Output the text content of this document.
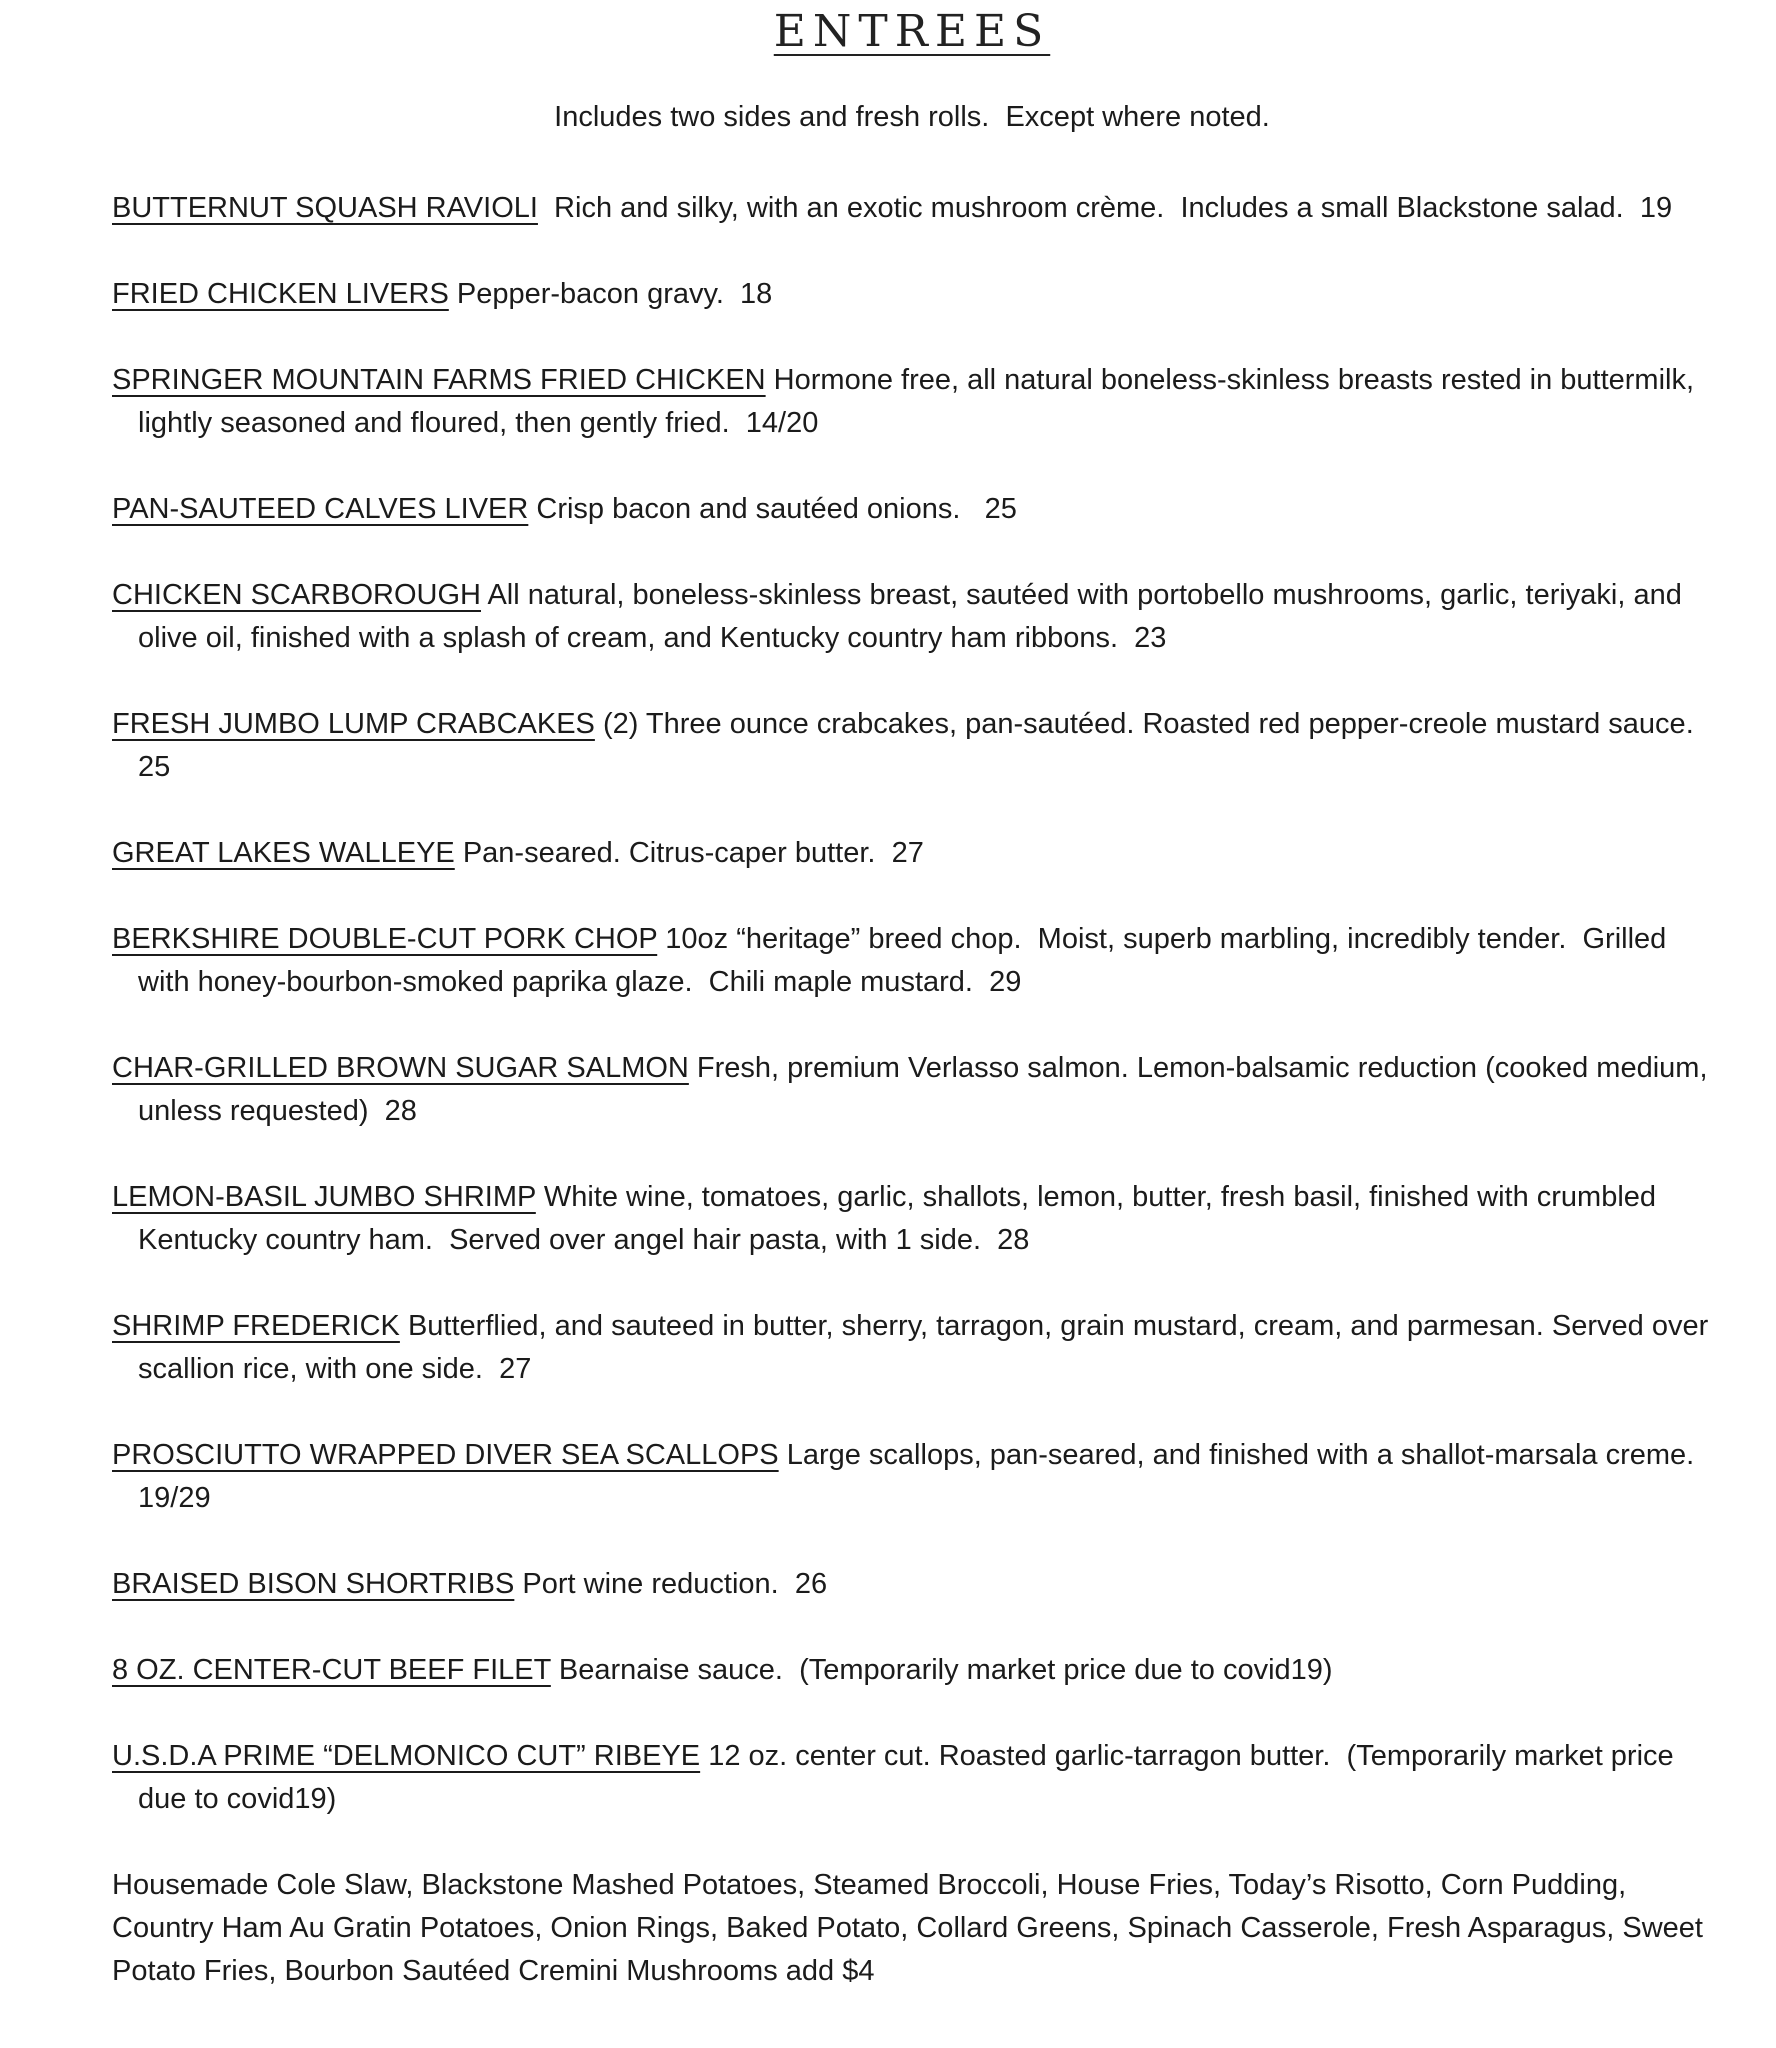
ENTREES
Includes two sides and fresh rolls.  Except where noted.

BUTTERNUT SQUASH RAVIOLI  Rich and silky, with an exotic mushroom crème.  Includes a small Blackstone salad.  19

FRIED CHICKEN LIVERS Pepper-bacon gravy.  18

SPRINGER MOUNTAIN FARMS FRIED CHICKEN Hormone free, all natural boneless-skinless breasts rested in buttermilk, lightly seasoned and floured, then gently fried.  14/20

PAN-SAUTEED CALVES LIVER Crisp bacon and sautéed onions.   25

CHICKEN SCARBOROUGH All natural, boneless-skinless breast, sautéed with portobello mushrooms, garlic, teriyaki, and olive oil, finished with a splash of cream, and Kentucky country ham ribbons.  23

FRESH JUMBO LUMP CRABCAKES (2) Three ounce crabcakes, pan-sautéed. Roasted red pepper-creole mustard sauce.  25

GREAT LAKES WALLEYE Pan-seared. Citrus-caper butter.  27

BERKSHIRE DOUBLE-CUT PORK CHOP 10oz “heritage” breed chop.  Moist, superb marbling, incredibly tender.  Grilled with honey-bourbon-smoked paprika glaze.  Chili maple mustard.  29

CHAR-GRILLED BROWN SUGAR SALMON Fresh, premium Verlasso salmon. Lemon-balsamic reduction (cooked medium, unless requested)  28

LEMON-BASIL JUMBO SHRIMP White wine, tomatoes, garlic, shallots, lemon, butter, fresh basil, finished with crumbled Kentucky country ham.  Served over angel hair pasta, with 1 side.  28

SHRIMP FREDERICK Butterflied, and sauteed in butter, sherry, tarragon, grain mustard, cream, and parmesan. Served over scallion rice, with one side.  27

PROSCIUTTO WRAPPED DIVER SEA SCALLOPS Large scallops, pan-seared, and finished with a shallot-marsala creme.  19/29

BRAISED BISON SHORTRIBS Port wine reduction.  26

8 OZ. CENTER-CUT BEEF FILET Bearnaise sauce.  (Temporarily market price due to covid19)

U.S.D.A PRIME “DELMONICO CUT” RIBEYE 12 oz. center cut. Roasted garlic-tarragon butter.  (Temporarily market price due to covid19)

Housemade Cole Slaw, Blackstone Mashed Potatoes, Steamed Broccoli, House Fries, Today’s Risotto, Corn Pudding, Country Ham Au Gratin Potatoes, Onion Rings, Baked Potato, Collard Greens, Spinach Casserole, Fresh Asparagus, Sweet Potato Fries, Bourbon Sautéed Cremini Mushrooms add $4
